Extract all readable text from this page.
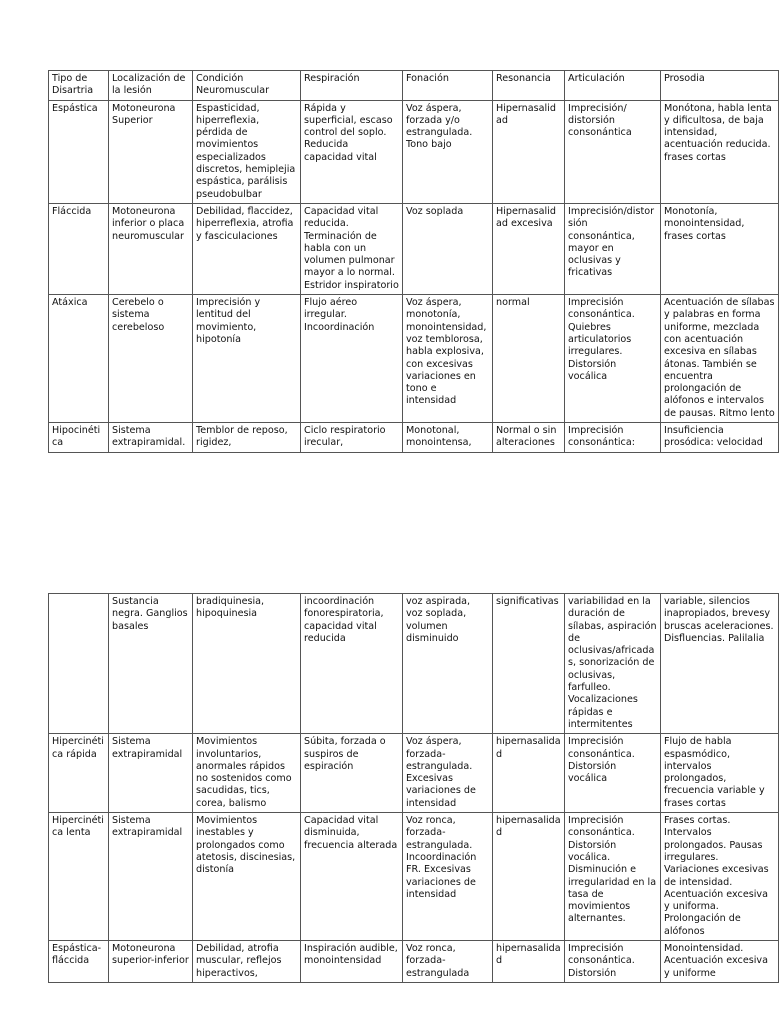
Tipo de Disartria	Localización de la lesión	Condición Neuromuscular	Respiración	Fonación	Resonancia	Articulación	Prosodia
Espástica	Motoneurona Superior	Espasticidad, hiperreflexia, pérdida de movimientos especializados discretos, hemiplejia espástica, parálisis pseudobulbar	Rápida y superficial, escaso control del soplo. Reducida capacidad vital	Voz áspera, forzada y/o estrangulada. Tono bajo	Hipernasalidad	Imprecisión/ distorsión consonántica	Monótona, habla lenta y dificultosa, de baja intensidad, acentuación reducida. frases cortas
Fláccida	Motoneurona inferior o placa neuromuscular	Debilidad, flaccidez, hiperreflexia, atrofia y fasciculaciones	Capacidad vital reducida. Terminación de habla con un volumen pulmonar mayor a lo normal. Estridor inspiratorio	Voz soplada	Hipernasalidad excesiva	Imprecisión/distorsión consonántica, mayor en oclusivas y fricativas	Monotonía, monointensidad, frases cortas
Atáxica	Cerebelo o sistema cerebeloso	Imprecisión y lentitud del movimiento, hipotonía	Flujo aéreo irregular. Incoordinación	Voz áspera, monotonía, monointensidad, voz temblorosa, habla explosiva, con excesivas variaciones en tono e intensidad	normal	Imprecisión consonántica. Quiebres articulatorios irregulares. Distorsión vocálica	Acentuación de sílabas y palabras en forma uniforme, mezclada con acentuación excesiva en sílabas átonas. También se encuentra prolongación de alófonos e intervalos de pausas. Ritmo lento
Hipocinética	Sistema extrapiramidal.	Temblor de reposo, rigidez,	Ciclo respiratorio irecular,	Monotonal, monointensa,	Normal o sin alteraciones	Imprecisión consonántica:	Insuficiencia prosódica: velocidad
	Sustancia negra. Ganglios basales	bradiquinesia, hipoquinesia	incoordinación fonorespiratoria, capacidad vital reducida	voz aspirada, voz soplada, volumen disminuido	significativas	variabilidad en la duración de sílabas, aspiración de oclusivas/africadas, sonorización de oclusivas, farfulleo. Vocalizaciones rápidas e intermitentes	variable, silencios inapropiados, brevesy bruscas aceleraciones. Disfluencias. Palilalia
Hipercinética rápida	Sistema extrapiramidal	Movimientos involuntarios, anormales rápidos no sostenidos como sacudidas, tics, corea, balismo	Súbita, forzada o suspiros de espiración	Voz áspera, forzada-estrangulada. Excesivas variaciones de intensidad	hipernasalidad	Imprecisión consonántica. Distorsión vocálica	Flujo de habla espasmódico, intervalos prolongados, frecuencia variable y frases cortas
Hipercinética lenta	Sistema extrapiramidal	Movimientos inestables y prolongados como atetosis, discinesias, distonía	Capacidad vital disminuida, frecuencia alterada	Voz ronca, forzada-estrangulada. Incoordinación FR. Excesivas variaciones de intensidad	hipernasalidad	Imprecisión consonántica. Distorsión vocálica. Disminución e irregularidad en la tasa de movimientos alternantes.	Frases cortas. Intervalos prolongados. Pausas irregulares. Variaciones excesivas de intensidad. Acentuación excesiva y uniforma. Prolongación de alófonos
Espástica-fláccida	Motoneurona superior-inferior	Debilidad, atrofia muscular, reflejos hiperactivos,	Inspiración audible, monointensidad	Voz ronca, forzada-estrangulada	hipernasalidad	Imprecisión consonántica. Distorsión	Monointensidad. Acentuación excesiva y uniforme
